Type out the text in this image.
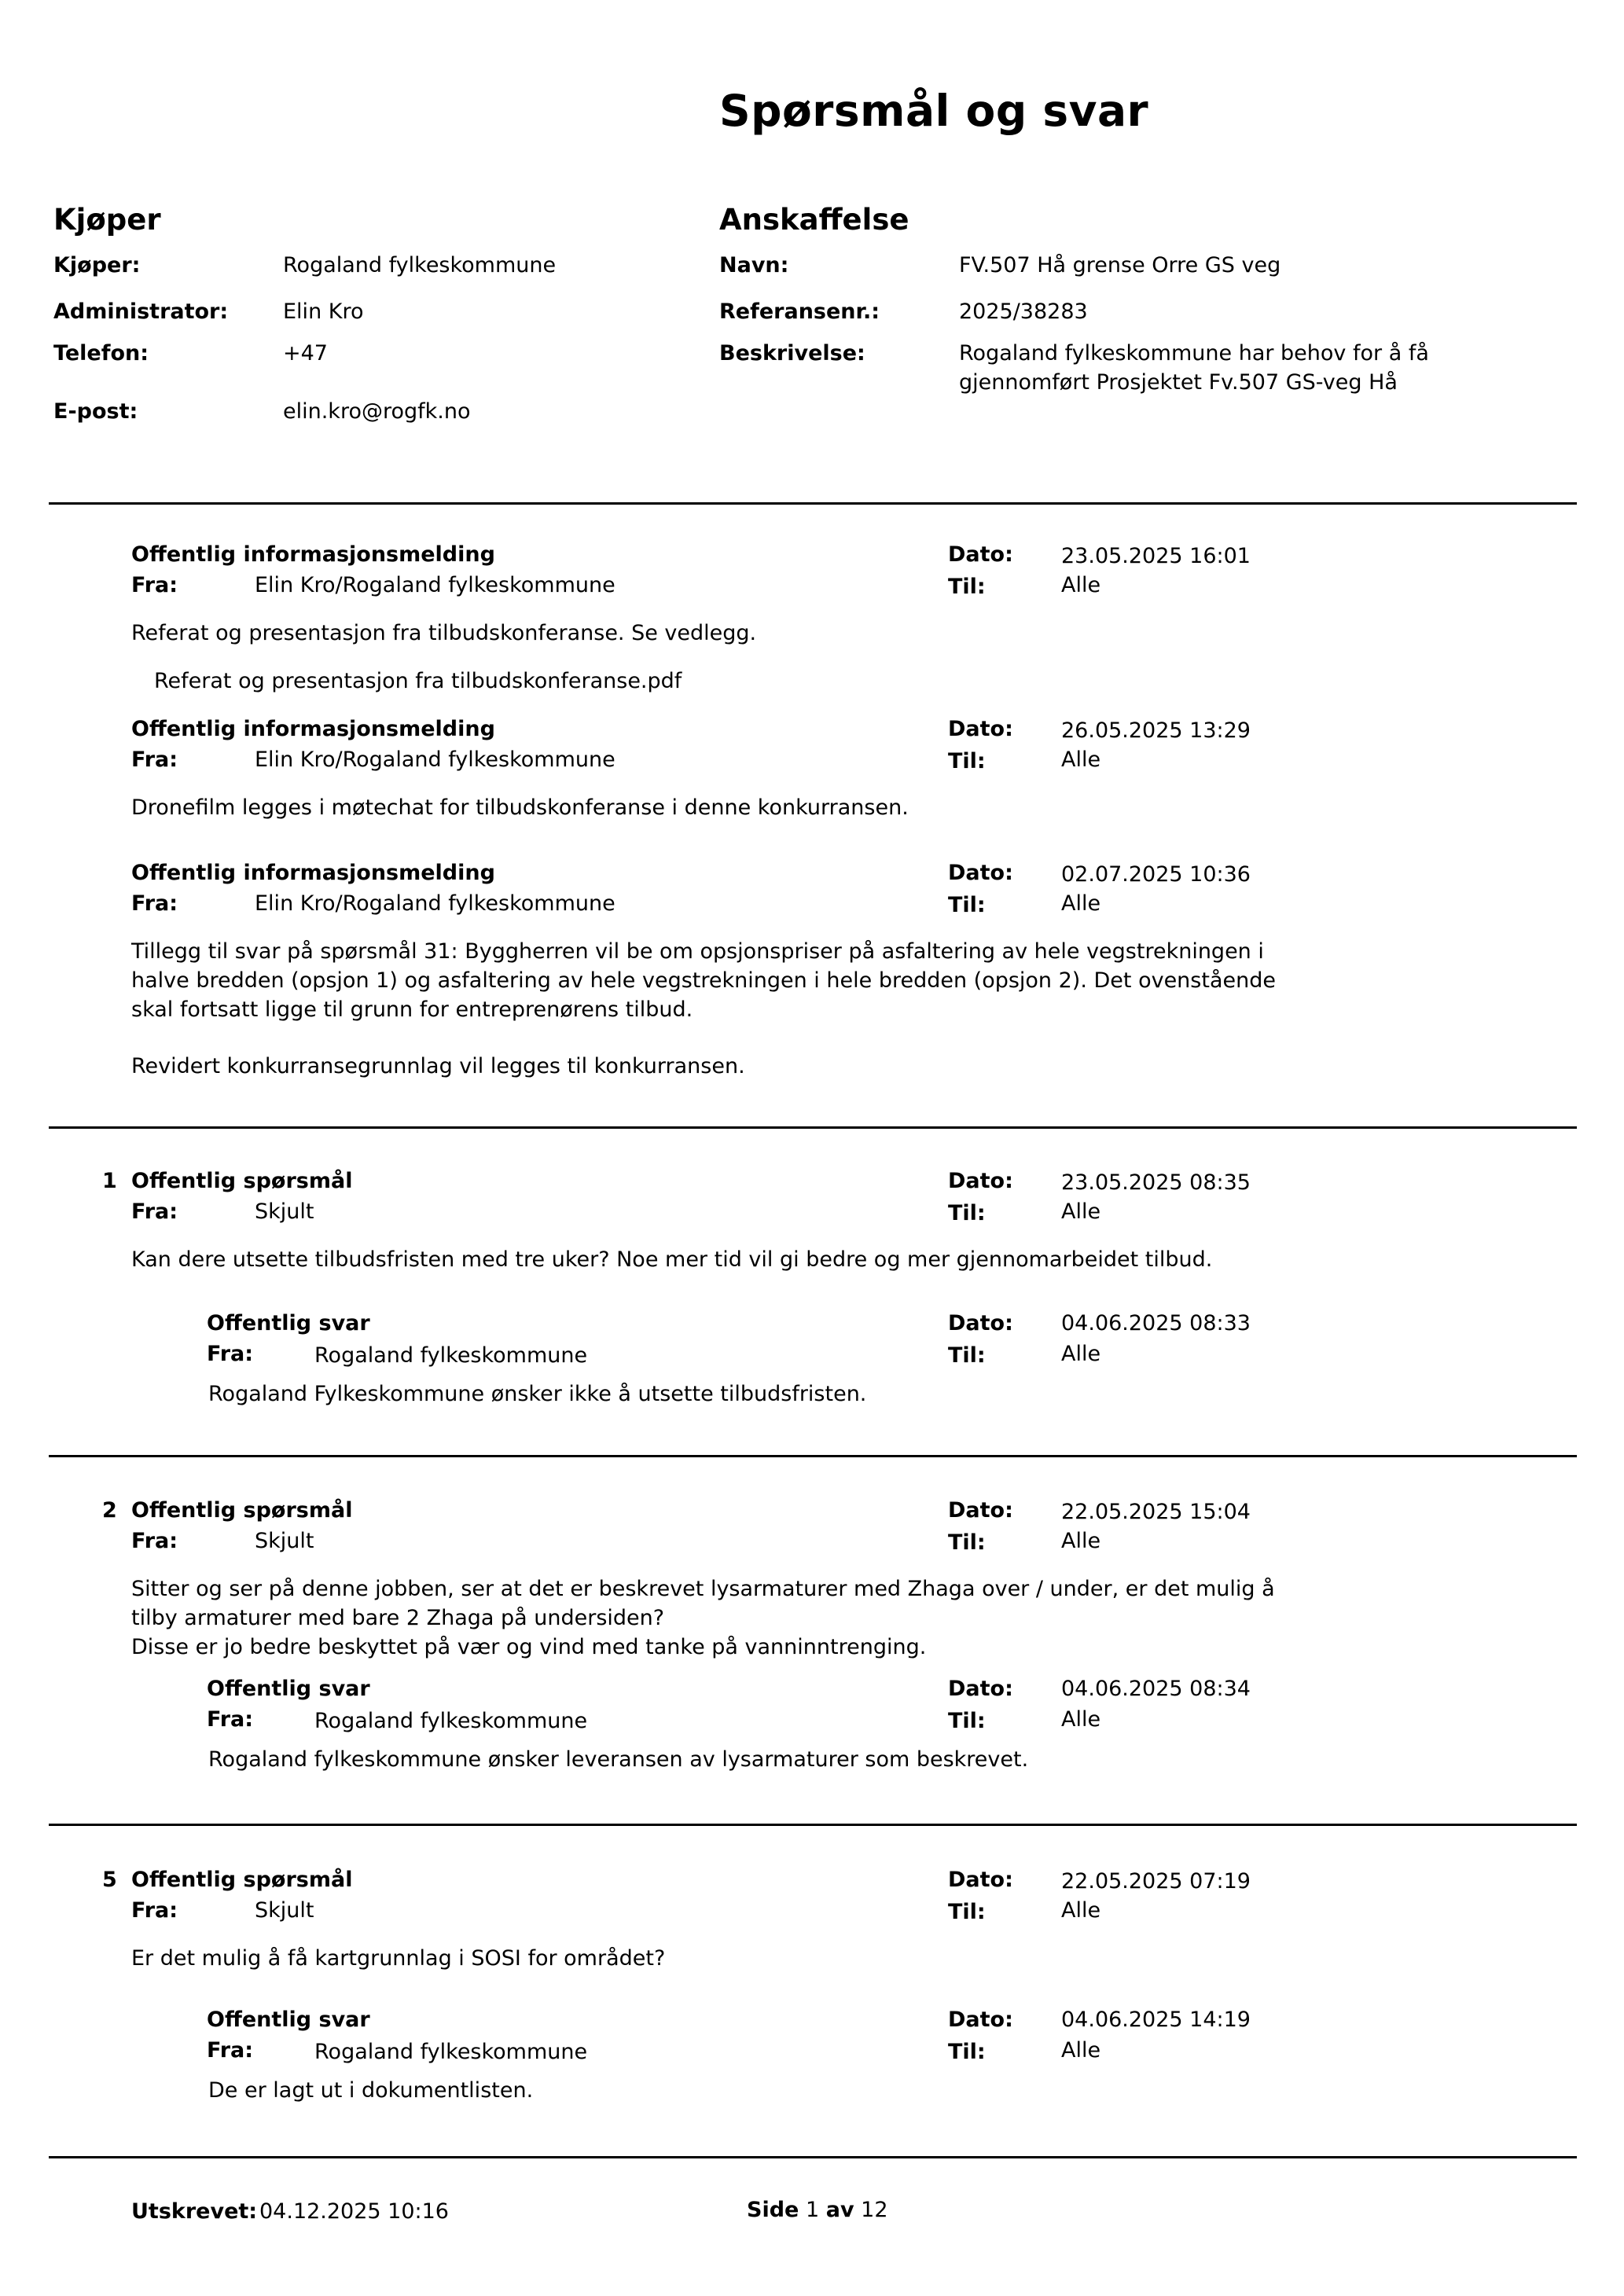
Spørsmål og svar
Kjøper
Kjøper:	Rogaland fylkeskommune
Administrator:	Elin Kro
Telefon:	+47
E-post:	elin.kro@rogfk.no
Anskaffelse
Navn:	FV.507 Hå grense Orre GS veg
Referansenr.:	2025/38283
Beskrivelse:	Rogaland fylkeskommune har behov for å få
gjennomført Prosjektet Fv.507 GS-veg Hå
Offentlig informasjonsmelding	Dato: 23.05.2025 16:01
Fra:	Elin Kro/Rogaland fylkeskommune	Til:	Alle
Referat og presentasjon fra tilbudskonferanse. Se vedlegg.
Referat og presentasjon fra tilbudskonferanse.pdf
Offentlig informasjonsmelding	Dato: 26.05.2025 13:29
Fra:	Elin Kro/Rogaland fylkeskommune	Til:	Alle
Dronefilm legges i møtechat for tilbudskonferanse i denne konkurransen.
Offentlig informasjonsmelding	Dato: 02.07.2025 10:36
Fra:	Elin Kro/Rogaland fylkeskommune	Til:	Alle
Tillegg til svar på spørsmål 31: Byggherren vil be om opsjonspriser på asfaltering av hele vegstrekningen i
halve bredden (opsjon 1) og asfaltering av hele vegstrekningen i hele bredden (opsjon 2). Det ovenstående
skal fortsatt ligge til grunn for entreprenørens tilbud.
Revidert konkurransegrunnlag vil legges til konkurransen.
1 Offentlig spørsmål	Dato: 23.05.2025 08:35
Fra:	Skjult	Til:	Alle
Kan dere utsette tilbudsfristen med tre uker? Noe mer tid vil gi bedre og mer gjennomarbeidet tilbud.
Offentlig svar	Dato: 04.06.2025 08:33
Fra:	Rogaland fylkeskommune	Til:	Alle
Rogaland Fylkeskommune ønsker ikke å utsette tilbudsfristen.
2 Offentlig spørsmål	Dato: 22.05.2025 15:04
Fra:	Skjult	Til:	Alle
Sitter og ser på denne jobben, ser at det er beskrevet lysarmaturer med Zhaga over / under, er det mulig å
tilby armaturer med bare 2 Zhaga på undersiden?
Disse er jo bedre beskyttet på vær og vind med tanke på vanninntrenging.
Offentlig svar	Dato: 04.06.2025 08:34
Fra:	Rogaland fylkeskommune	Til:	Alle
Rogaland fylkeskommune ønsker leveransen av lysarmaturer som beskrevet.
5 Offentlig spørsmål	Dato: 22.05.2025 07:19
Fra:	Skjult	Til:	Alle
Er det mulig å få kartgrunnlag i SOSI for området?
Offentlig svar	Dato: 04.06.2025 14:19
Fra:	Rogaland fylkeskommune	Til:	Alle
De er lagt ut i dokumentlisten.
Utskrevet: 04.12.2025 10:16	Side 1 av 12
